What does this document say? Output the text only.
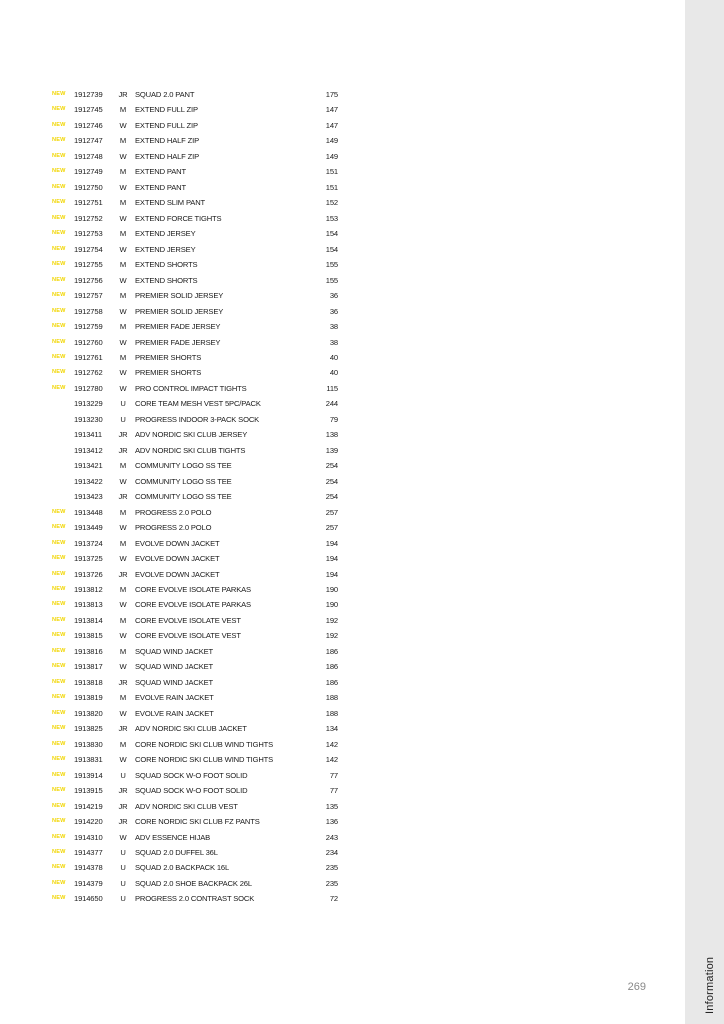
Information
NEW 1912739	JR SQUAD 2.0 PANT	175
NEW 1912745	M	EXTEND FULL ZIP	147
NEW 1912746	W	EXTEND FULL ZIP	147
NEW 1912747	M	EXTEND HALF ZIP	149
NEW 1912748	W	EXTEND HALF ZIP	149
NEW 1912749	M	EXTEND PANT	151
NEW 1912750	W	EXTEND PANT	151
NEW 1912751	M	EXTEND SLIM PANT	152
NEW 1912752	W	EXTEND FORCE TIGHTS	153
NEW 1912753	M	EXTEND JERSEY	154
NEW 1912754	W	EXTEND JERSEY	154
NEW 1912755	M	EXTEND SHORTS	155
NEW 1912756	W	EXTEND SHORTS	155
NEW 1912757	M	PREMIER SOLID JERSEY	36
NEW 1912758	W	PREMIER SOLID JERSEY	36
NEW 1912759	M	PREMIER FADE JERSEY	38
NEW 1912760	W	PREMIER FADE JERSEY	38
NEW 1912761	M	PREMIER SHORTS	40
NEW 1912762	W	PREMIER SHORTS	40
NEW 1912780	W	PRO CONTROL IMPACT TIGHTS	115
1913229	U	CORE TEAM MESH VEST 5PC/PACK	244
1913230	U	PROGRESS INDOOR 3-PACK SOCK	79
1913411	JR ADV NORDIC SKI CLUB JERSEY	138
1913412	JR ADV NORDIC SKI CLUB TIGHTS	139
1913421	M	COMMUNITY LOGO SS TEE	254
1913422	W	COMMUNITY LOGO SS TEE	254
1913423	JR COMMUNITY LOGO SS TEE	254
NEW 1913448	M	PROGRESS 2.0 POLO	257
NEW 1913449	W	PROGRESS 2.0 POLO	257
NEW 1913724	M	EVOLVE DOWN JACKET	194
NEW 1913725	W	EVOLVE DOWN JACKET	194
NEW 1913726	JR EVOLVE DOWN JACKET	194
NEW 1913812	M	CORE EVOLVE ISOLATE PARKAS	190
NEW 1913813	W	CORE EVOLVE ISOLATE PARKAS	190
NEW 1913814	M	CORE EVOLVE ISOLATE VEST	192
NEW 1913815	W	CORE EVOLVE ISOLATE VEST	192
NEW 1913816	M	SQUAD WIND JACKET	186
NEW 1913817	W	SQUAD WIND JACKET	186
NEW 1913818	JR SQUAD WIND JACKET	186
NEW 1913819	M	EVOLVE RAIN JACKET	188
NEW 1913820	W	EVOLVE RAIN JACKET	188
NEW 1913825	JR ADV NORDIC SKI CLUB JACKET	134
NEW 1913830	M	CORE NORDIC SKI CLUB WIND TIGHTS	142
NEW 1913831	W	CORE NORDIC SKI CLUB WIND TIGHTS	142
NEW 1913914	U	SQUAD SOCK W-O FOOT SOLID	77
NEW 1913915	JR SQUAD SOCK W-O FOOT SOLID	77
NEW 1914219	JR ADV NORDIC SKI CLUB VEST	135
NEW 1914220	JR CORE NORDIC SKI CLUB FZ PANTS	136
NEW 1914310	W	ADV ESSENCE HIJAB	243
NEW 1914377	U	SQUAD 2.0 DUFFEL 36L	234
NEW 1914378	U	SQUAD 2.0 BACKPACK 16L	235
NEW 1914379	U	SQUAD 2.0 SHOE BACKPACK 26L	235
NEW 1914650	U	PROGRESS 2.0 CONTRAST SOCK	72
269
